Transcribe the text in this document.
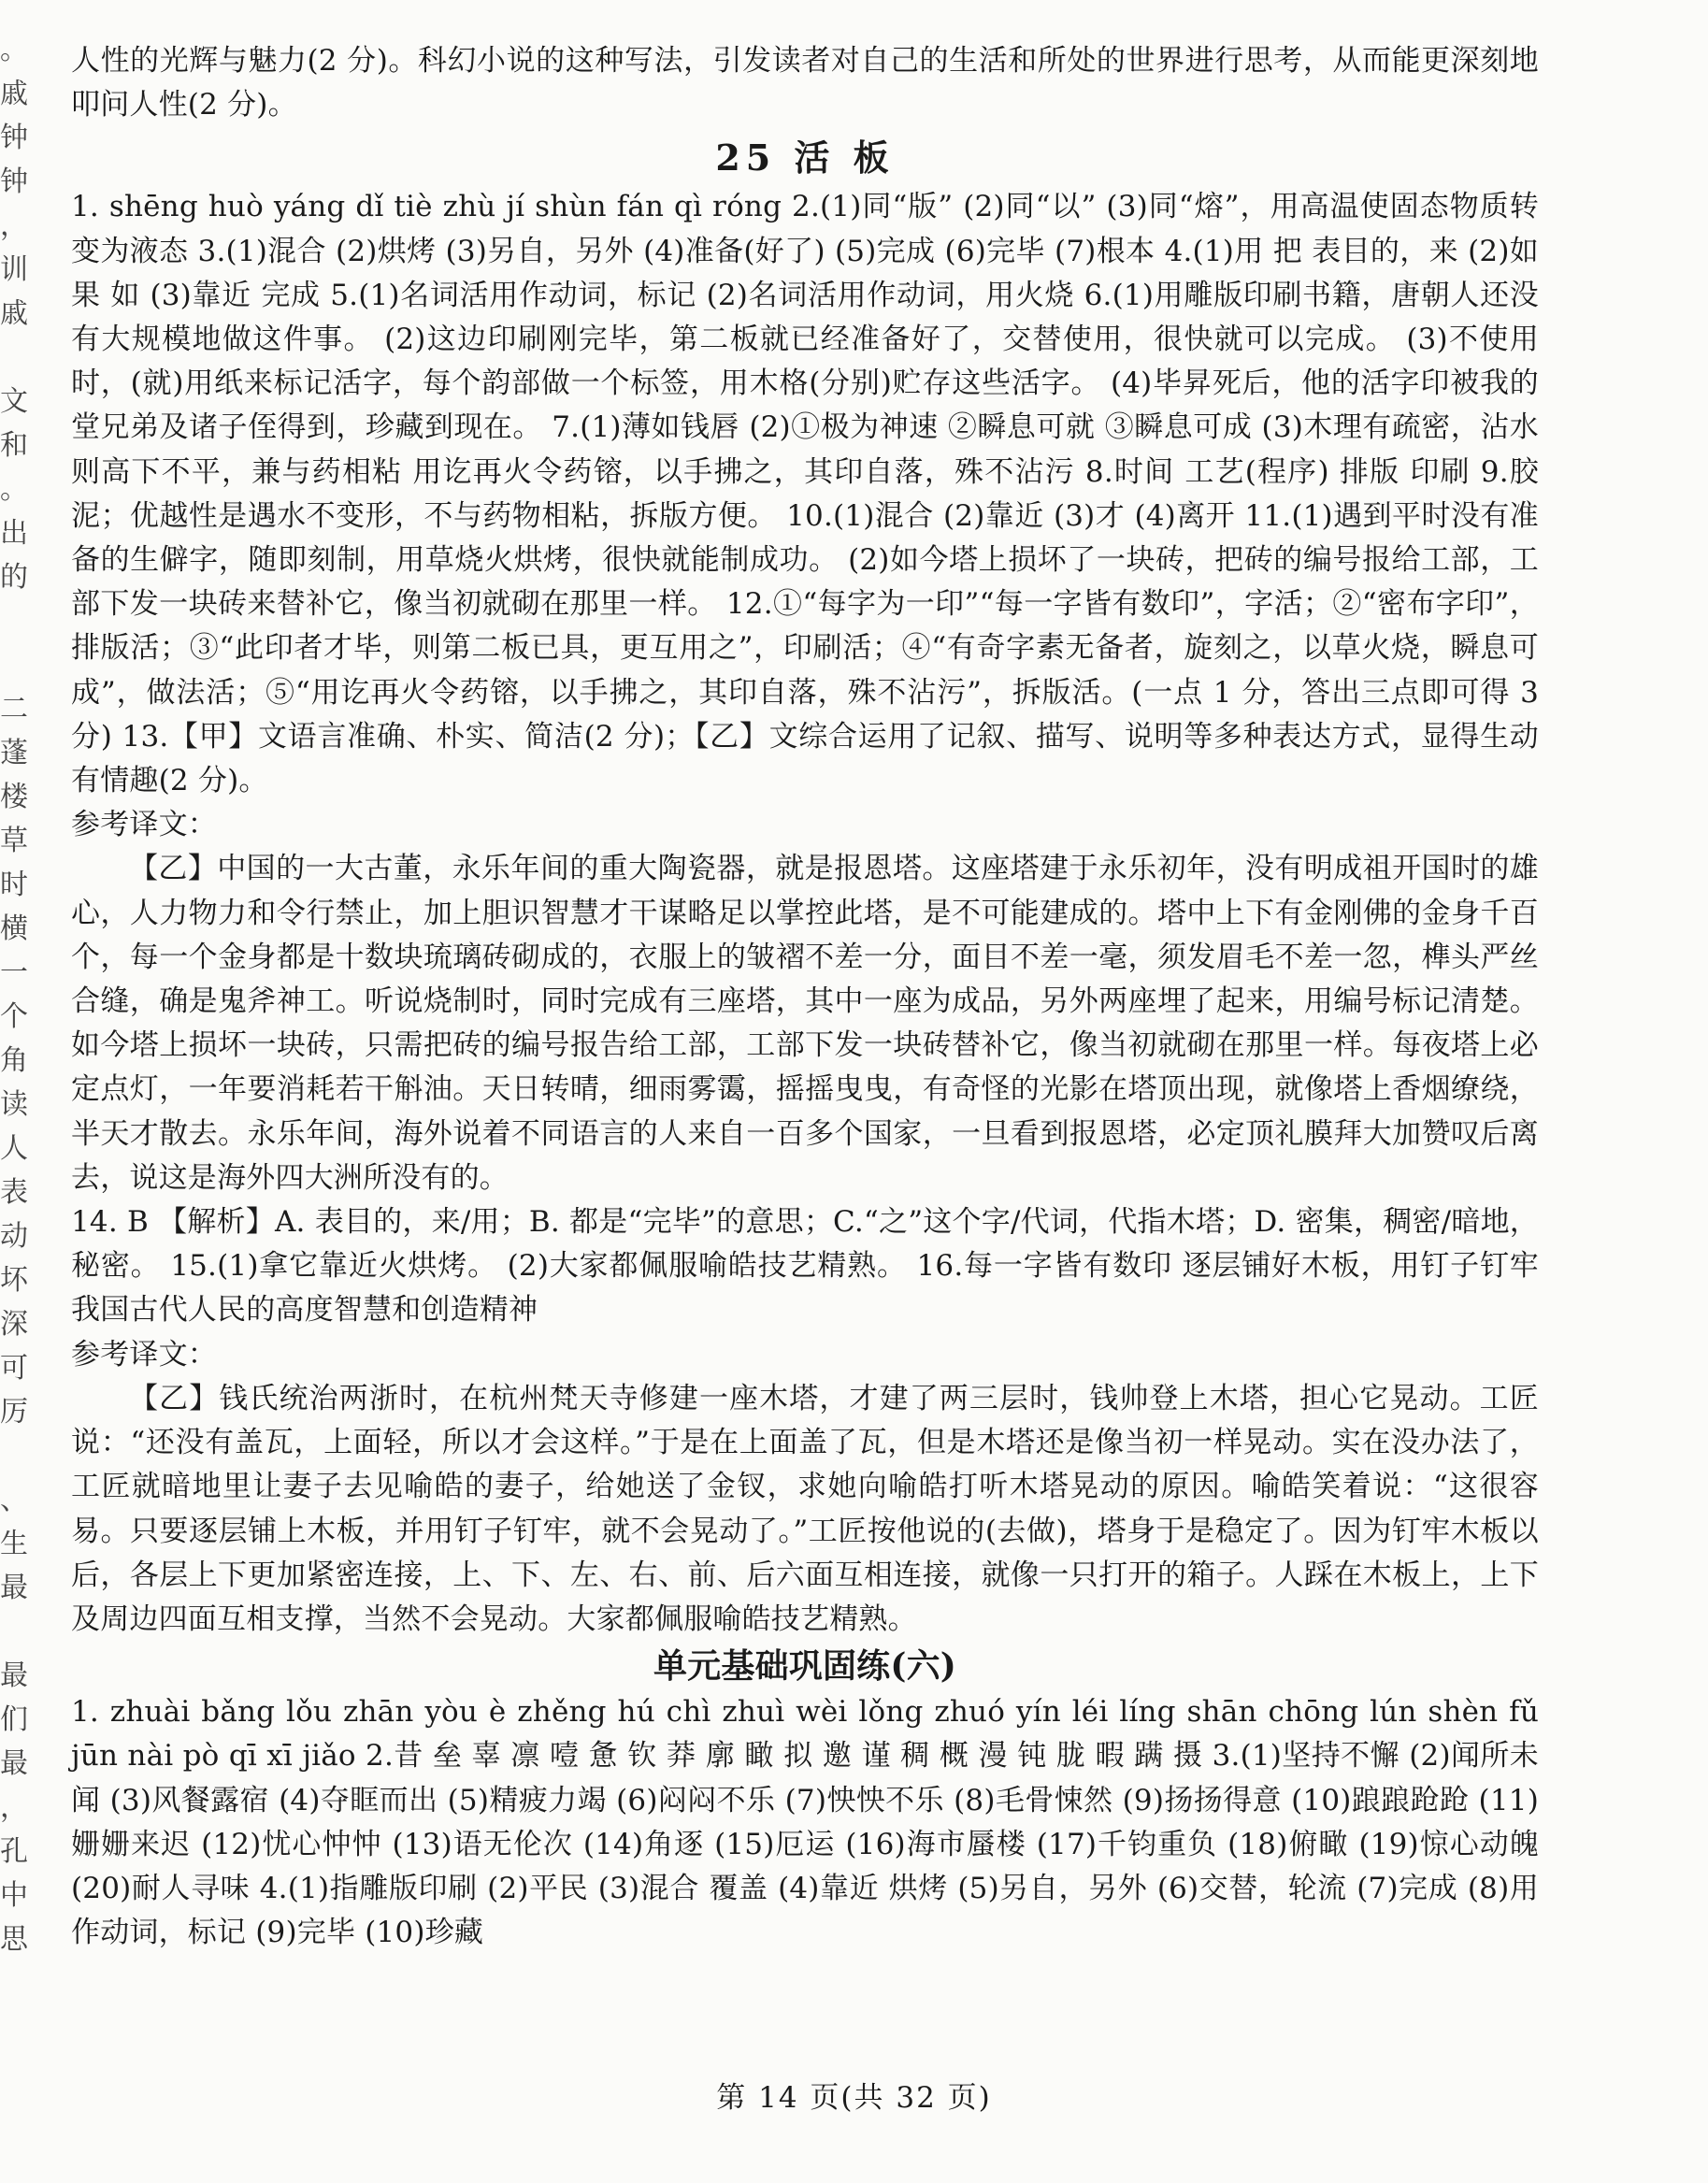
。
戚
钟
钟
，
训
戚
文
和
。
出
的
二
蓬
楼
草
时
横
一
个
角
读
人
表
动
坏
深
可
厉
、
生
最
最
们
最
，
孔
中
思

人性的光辉与魅力(2 分)。科幻小说的这种写法，引发读者对自己的生活和所处的世界进行思考，从而能更深刻地叩问人性(2 分)。

25 活 板

1. shēng huò yáng dǐ tiè zhù jí shùn fán qì róng 2.(1)同“版” (2)同“以” (3)同“熔”，用高温使固态物质转变为液态 3.(1)混合 (2)烘烤 (3)另自，另外 (4)准备(好了) (5)完成 (6)完毕 (7)根本 4.(1)用 把 表目的，来 (2)如果 如 (3)靠近 完成 5.(1)名词活用作动词，标记 (2)名词活用作动词，用火烧 6.(1)用雕版印刷书籍，唐朝人还没有大规模地做这件事。 (2)这边印刷刚完毕，第二板就已经准备好了，交替使用，很快就可以完成。 (3)不使用时，(就)用纸来标记活字，每个韵部做一个标签，用木格(分别)贮存这些活字。 (4)毕昇死后，他的活字印被我的堂兄弟及诸子侄得到，珍藏到现在。 7.(1)薄如钱唇 (2)①极为神速 ②瞬息可就 ③瞬息可成 (3)木理有疏密，沾水则高下不平，兼与药相粘 用讫再火令药镕，以手拂之，其印自落，殊不沾污 8.时间 工艺(程序) 排版 印刷 9.胶泥；优越性是遇水不变形，不与药物相粘，拆版方便。 10.(1)混合 (2)靠近 (3)才 (4)离开 11.(1)遇到平时没有准备的生僻字，随即刻制，用草烧火烘烤，很快就能制成功。 (2)如今塔上损坏了一块砖，把砖的编号报给工部，工部下发一块砖来替补它，像当初就砌在那里一样。 12.①“每字为一印”“每一字皆有数印”，字活；②“密布字印”，排版活；③“此印者才毕，则第二板已具，更互用之”，印刷活；④“有奇字素无备者，旋刻之，以草火烧，瞬息可成”，做法活；⑤“用讫再火令药镕，以手拂之，其印自落，殊不沾污”，拆版活。(一点 1 分，答出三点即可得 3 分) 13.【甲】文语言准确、朴实、简洁(2 分)；【乙】文综合运用了记叙、描写、说明等多种表达方式，显得生动有情趣(2 分)。

参考译文：

【乙】中国的一大古董，永乐年间的重大陶瓷器，就是报恩塔。这座塔建于永乐初年，没有明成祖开国时的雄心，人力物力和令行禁止，加上胆识智慧才干谋略足以掌控此塔，是不可能建成的。塔中上下有金刚佛的金身千百个，每一个金身都是十数块琉璃砖砌成的，衣服上的皱褶不差一分，面目不差一毫，须发眉毛不差一忽，榫头严丝合缝，确是鬼斧神工。听说烧制时，同时完成有三座塔，其中一座为成品，另外两座埋了起来，用编号标记清楚。如今塔上损坏一块砖，只需把砖的编号报告给工部，工部下发一块砖替补它，像当初就砌在那里一样。每夜塔上必定点灯，一年要消耗若干斛油。天日转晴，细雨雾霭，摇摇曳曳，有奇怪的光影在塔顶出现，就像塔上香烟缭绕，半天才散去。永乐年间，海外说着不同语言的人来自一百多个国家，一旦看到报恩塔，必定顶礼膜拜大加赞叹后离去，说这是海外四大洲所没有的。

14. B 【解析】A. 表目的，来/用；B. 都是“完毕”的意思；C.“之”这个字/代词，代指木塔；D. 密集，稠密/暗地，秘密。 15.(1)拿它靠近火烘烤。 (2)大家都佩服喻皓技艺精熟。 16.每一字皆有数印 逐层铺好木板，用钉子钉牢 我国古代人民的高度智慧和创造精神

参考译文：

【乙】钱氏统治两浙时，在杭州梵天寺修建一座木塔，才建了两三层时，钱帅登上木塔，担心它晃动。工匠说：“还没有盖瓦，上面轻，所以才会这样。”于是在上面盖了瓦，但是木塔还是像当初一样晃动。实在没办法了，工匠就暗地里让妻子去见喻皓的妻子，给她送了金钗，求她向喻皓打听木塔晃动的原因。喻皓笑着说：“这很容易。只要逐层铺上木板，并用钉子钉牢，就不会晃动了。”工匠按他说的(去做)，塔身于是稳定了。因为钉牢木板以后，各层上下更加紧密连接，上、下、左、右、前、后六面互相连接，就像一只打开的箱子。人踩在木板上，上下及周边四面互相支撑，当然不会晃动。大家都佩服喻皓技艺精熟。

单元基础巩固练(六)

1. zhuài bǎng lǒu zhān yòu è zhěng hú chì zhuì wèi lǒng zhuó yín léi líng shān chōng lún shèn fǔ jūn nài pò qī xī jiǎo 2.昔 垒 辜 凛 噎 惫 钦 莽 廓 瞰 拟 邀 谨 稠 概 漫 钝 胧 暇 蹒 摄 3.(1)坚持不懈 (2)闻所未闻 (3)风餐露宿 (4)夺眶而出 (5)精疲力竭 (6)闷闷不乐 (7)怏怏不乐 (8)毛骨悚然 (9)扬扬得意 (10)踉踉跄跄 (11)姗姗来迟 (12)忧心忡忡 (13)语无伦次 (14)角逐 (15)厄运 (16)海市蜃楼 (17)千钧重负 (18)俯瞰 (19)惊心动魄 (20)耐人寻味 4.(1)指雕版印刷 (2)平民 (3)混合 覆盖 (4)靠近 烘烤 (5)另自，另外 (6)交替，轮流 (7)完成 (8)用作动词，标记 (9)完毕 (10)珍藏

第 14 页(共 32 页)
